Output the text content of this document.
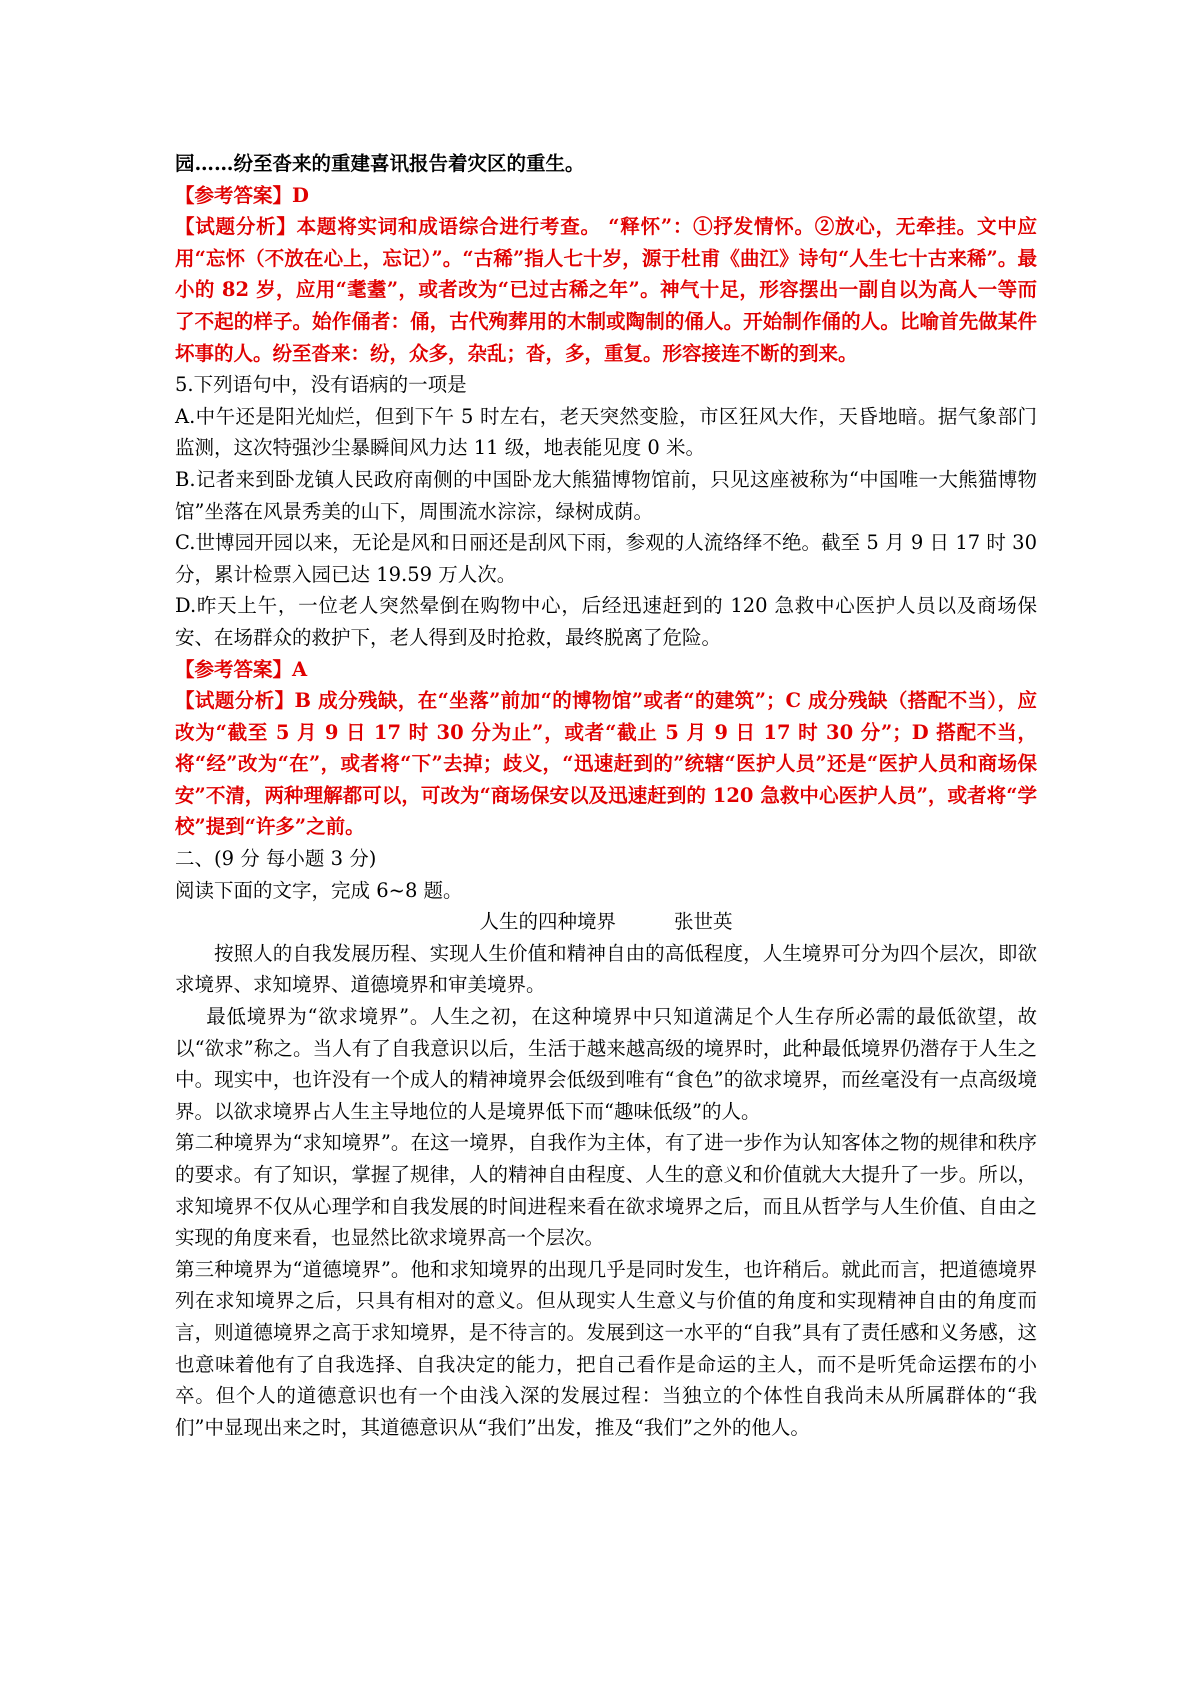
园……纷至沓来的重建喜讯报告着灾区的重生。

【参考答案】D

【试题分析】本题将实词和成语综合进行考查。 “释怀”：①抒发情怀。②放心，无牵挂。文中应用“忘怀（不放在心上，忘记）”。“古稀”指人七十岁，源于杜甫《曲江》诗句“人生七十古来稀”。最小的 82 岁，应用“耄耋”，或者改为“已过古稀之年”。神气十足，形容摆出一副自以为高人一等而了不起的样子。始作俑者：俑，古代殉葬用的木制或陶制的俑人。开始制作俑的人。比喻首先做某件坏事的人。纷至沓来：纷，众多，杂乱；沓，多，重复。形容接连不断的到来。

5.下列语句中，没有语病的一项是

A.中午还是阳光灿烂，但到下午 5 时左右，老天突然变脸，市区狂风大作，天昏地暗。据气象部门监测，这次特强沙尘暴瞬间风力达 11 级，地表能见度 0 米。

B.记者来到卧龙镇人民政府南侧的中国卧龙大熊猫博物馆前，只见这座被称为“中国唯一大熊猫博物馆”坐落在风景秀美的山下，周围流水淙淙，绿树成荫。

C.世博园开园以来，无论是风和日丽还是刮风下雨，参观的人流络绎不绝。截至 5 月 9 日 17 时 30 分，累计检票入园已达 19.59 万人次。

D.昨天上午，一位老人突然晕倒在购物中心，后经迅速赶到的 120 急救中心医护人员以及商场保安、在场群众的救护下，老人得到及时抢救，最终脱离了危险。

【参考答案】A

【试题分析】B 成分残缺，在“坐落”前加“的博物馆”或者“的建筑”；C 成分残缺（搭配不当），应改为“截至 5 月 9 日 17 时 30 分为止”，或者“截止 5 月 9 日 17 时 30 分”；D 搭配不当，将“经”改为“在”，或者将“下”去掉；歧义，“迅速赶到的”统辖“医护人员”还是“医护人员和商场保安”不清，两种理解都可以，可改为“商场保安以及迅速赶到的 120 急救中心医护人员”，或者将“学校”提到“许多”之前。

二、(9 分 每小题 3 分)

阅读下面的文字，完成 6~8 题。

人生的四种境界	张世英

按照人的自我发展历程、实现人生价值和精神自由的高低程度，人生境界可分为四个层次，即欲求境界、求知境界、道德境界和审美境界。

最低境界为“欲求境界”。人生之初，在这种境界中只知道满足个人生存所必需的最低欲望，故以“欲求”称之。当人有了自我意识以后，生活于越来越高级的境界时，此种最低境界仍潜存于人生之中。现实中，也许没有一个成人的精神境界会低级到唯有“食色”的欲求境界，而丝毫没有一点高级境界。以欲求境界占人生主导地位的人是境界低下而“趣味低级”的人。

第二种境界为“求知境界”。在这一境界，自我作为主体，有了进一步作为认知客体之物的规律和秩序的要求。有了知识，掌握了规律，人的精神自由程度、人生的意义和价值就大大提升了一步。所以，求知境界不仅从心理学和自我发展的时间进程来看在欲求境界之后，而且从哲学与人生价值、自由之实现的角度来看，也显然比欲求境界高一个层次。

第三种境界为“道德境界”。他和求知境界的出现几乎是同时发生，也许稍后。就此而言，把道德境界列在求知境界之后，只具有相对的意义。但从现实人生意义与价值的角度和实现精神自由的角度而言，则道德境界之高于求知境界，是不待言的。发展到这一水平的“自我”具有了责任感和义务感，这也意味着他有了自我选择、自我决定的能力，把自己看作是命运的主人，而不是听凭命运摆布的小卒。但个人的道德意识也有一个由浅入深的发展过程：当独立的个体性自我尚未从所属群体的“我们”中显现出来之时，其道德意识从“我们”出发，推及“我们”之外的他人。
